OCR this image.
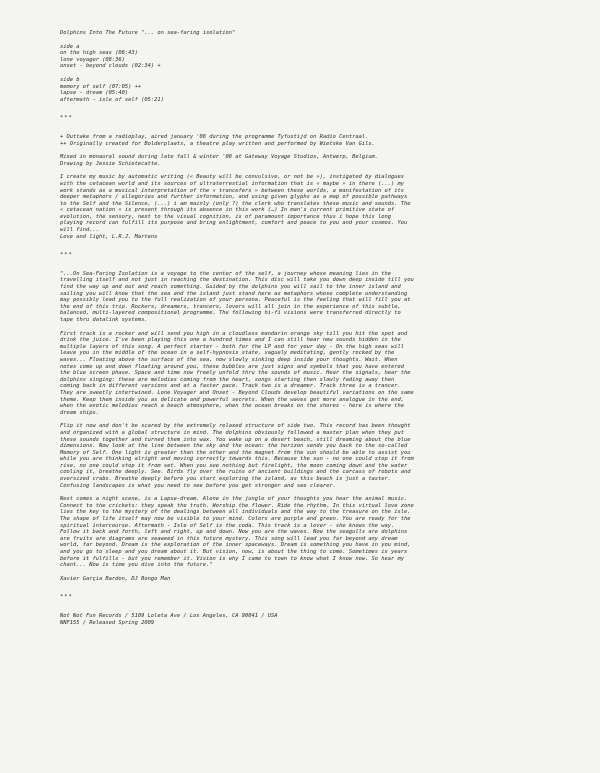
Dolphins Into The Future "... on sea-faring isolation"
side a
on the high seas (06:43)
lone voyager (08:36)
onset - beyond clouds (02:34) +
side b
memory of self (07:05) ++
lapse - dream (05:40)
aftermath - isle of self (05:21)
***
+ Outtake from a radioplay, aired january '08 during the programme Tyfustijd on Radio Centraal.
++ Originally created for Bolderplaats, a theatre play written and performed by Wietske Van Gils.
Mixed in monaural sound during late fall & winter '08 at Gateway Voyage Studios, Antwerp, Belgium.
Drawing by Jessie Schietecatte.
I create my music by automatic writing (« Beauty will be convulsive, or not be »), instigated by dialogues
with the cetacean world and its sources of ultraterrestial information that is « maybe » in there (...) my
work stands as a musical interpretation of the « trancefers » between these worlds, a manifestation of its
deeper metaphors / allegories and further information, and using given glyphs as a map of possible pathways
to the Self and the Silence, (...) i am mainly (only ?) the clerk who translates these music and sounds. The
« cetacean nation » is present through its absence in this work (…) In man's current primitive state of
evolution, the sensory, next to the visual cognition, is of paramount importance thus i hope this long
playing record can fulfill its purpose and bring enlightment, comfort and peace to you and your cosmos. You
will find...
Love and light, L.R.J. Martens
***
"...On Sea-Faring Isolation is a voyage to the center of the self, a journey whose meaning lies in the
travelling itself and not just in reaching the destination. This disc will take you down deep inside till you
find the way up and out and reach something. Guided by the dolphins you will sail to the inner island and
sailing you will know that the sea and the island just stand here as metaphors whose complete understanding
may possibly lead you to the full realization of your persona. Peaceful is the feeling that will fill you at
the end of this trip. Rockers, dreamers, trancers, lovers will all join in the experience of this subtle,
balanced, multi-layered compositional programme. The following hi-fi visions were transferred directly to
tape thru datalink systems.
First track is a rocker and will send you high in a cloudless mandarin orange sky till you hit the spot and
drink the juice. I've been playing this one a hundred times and I can still hear new sounds hidden in the
multiple layers of this song. A perfect starter - both for the LP and for your day - On the high seas will
leave you in the middle of the ocean in a self-hypnosis state, vaguely meditating, gently rocked by the
waves... Floating above the surface of the sea, now slowly sinking deep inside your thoughts. Wait. When
notes come up and down floating around you, these bubbles are just signs and symbols that you have entered
the blue screen phase. Space and time now freely unfold thru the sounds of music. Hear the signals, hear the
dolphins singing: these are melodies coming from the heart, songs starting then slowly fading away then
coming back in different versions and at a faster pace. Track two is a dreamer. Track three is a trancer.
They are sweetly intertwined. Lone Voyager and Onset - Beyond Clouds develop beautiful variations on the same
theme. Keep them inside you as delicate and powerful secrets. When the waves get more analogue in the end,
when the exotic melodies reach a beach atmosphere, when the ocean breaks on the shores - here is where the
dream ships.
Flip it now and don't be scared by the extremely relaxed structure of side two. This record has been thought
and organized with a global structure in mind. The dolphins obviously followed a master plan when they put
these sounds together and turned them into wax. You wake up on a desert beach, still dreaming about the blue
dimensions. Now look at the line between the sky and the ocean: the horizon sends you back to the so-called
Memory of Self. One light is greater than the other and the magnet from the sun should be able to assist you
while you are thinking alright and moving correctly towards this. Because the sun - no one could stop it from
rise, no one could stop it from set. When you see nothing but firelight, the moon coming down and the water
cooling it, breathe deeply. See. Birds fly over the ruins of ancient buildings and the carcass of robots and
oversized crabs. Breathe deeply before you start exploring the island, as this beach is just a taster.
Confusing landscapes is what you need to see before you get stronger and see clearer.
Next comes a night scene, is a Lapse-dream. Alone in the jungle of your thoughts you hear the animal music.
Connect to the crickets: they speak the truth. Worship the flower. Ride the rhythm. In this virtual love zone
lies the key to the mystery of the dealings between all individuals and the way to the treasure on the isle.
The shape of life itself may now be visible to your mind. Colors are purple and green. You are ready for the
spiritual intercourse. Aftermath - Isle of Self is the coda. This track is a lover - she knows the way.
Follow it back and forth, left and right, up and down. Now you are the waves. Now the seagulls are dolphins
are fruits are diagrams are seaweed in this future mystery. This song will lead you far beyond any dream
world, far beyond. Dream is the exploration of the inner spaceways. Dream is something you have in you mind,
and you go to sleep and you dream about it. But vision, now, is about the thing to come. Sometimes is years
before it fulfills - but you remember it. Vision is why I came to town to know what I know now. So hear my
chant... Now is time you dive into the future."
Xavier Garçia Bardon, DJ Bongo Man
***
Not Not Fun Records / 5109 Loleta Ave / Los Angeles, CA 90041 / USA
NNF155 / Released Spring 2009
